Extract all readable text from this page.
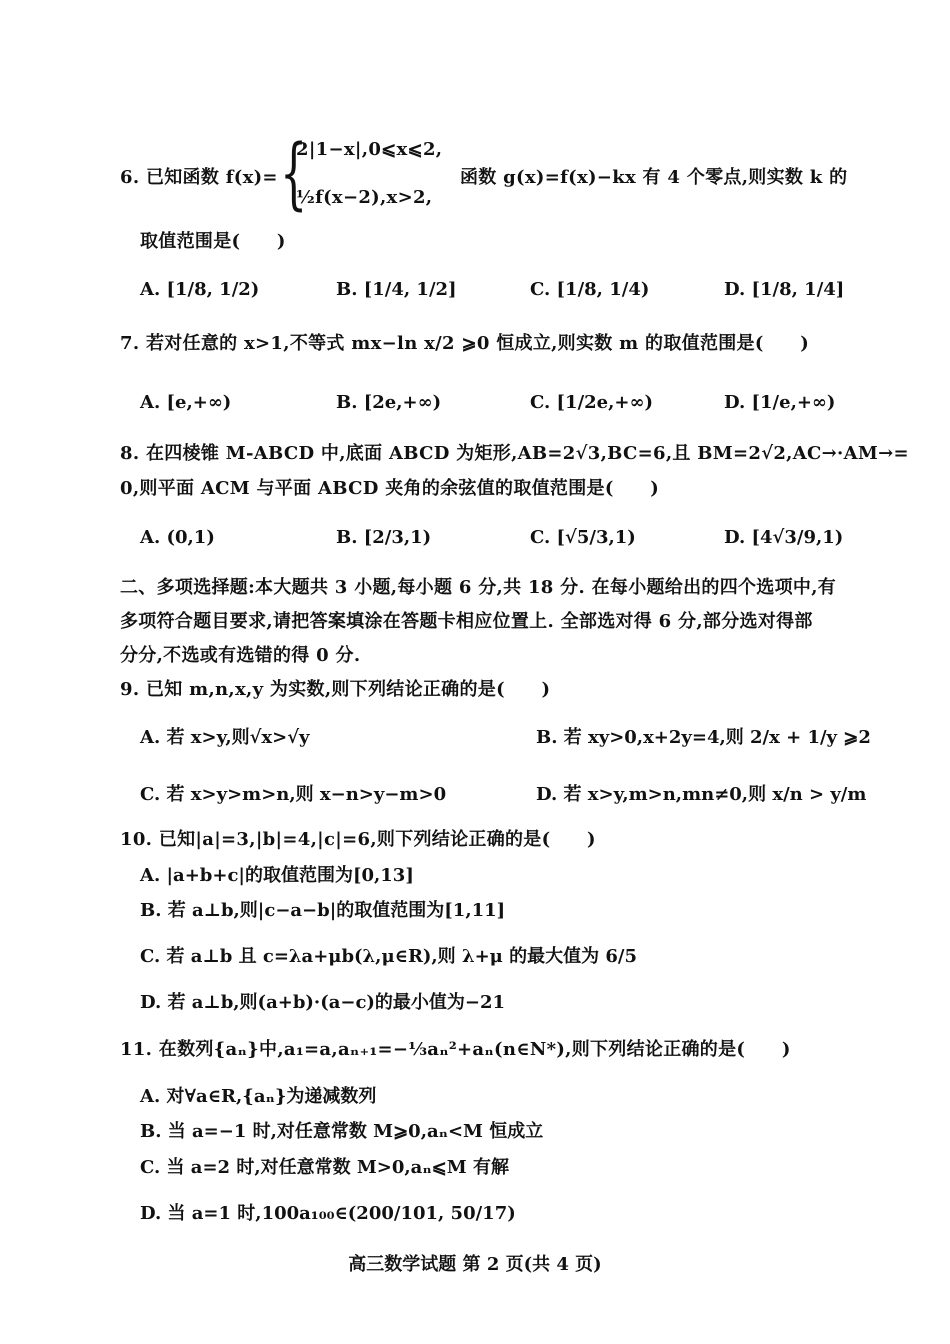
6. 已知函数 f(x)= {
2|1−x|,0⩽x⩽2,
½f(x−2),x>2,
函数 g(x)=f(x)−kx 有 4 个零点,则实数 k 的
取值范围是(　　)
A. [1/8, 1/2)	B. [1/4, 1/2]	C. [1/8, 1/4)	D. [1/8, 1/4]
7. 若对任意的 x>1,不等式 mx−ln x/2 ⩾0 恒成立,则实数 m 的取值范围是(　　)
A. [e,+∞)	B. [2e,+∞)	C. [1/2e,+∞)	D. [1/e,+∞)
8. 在四棱锥 M-ABCD 中,底面 ABCD 为矩形,AB=2√3,BC=6,且 BM=2√2,AC→·AM→=
0,则平面 ACM 与平面 ABCD 夹角的余弦值的取值范围是(　　)
A. (0,1)	B. [2/3,1)	C. [√5/3,1)	D. [4√3/9,1)
二、多项选择题:本大题共 3 小题,每小题 6 分,共 18 分. 在每小题给出的四个选项中,有
多项符合题目要求,请把答案填涂在答题卡相应位置上. 全部选对得 6 分,部分选对得部
分分,不选或有选错的得 0 分.
9. 已知 m,n,x,y 为实数,则下列结论正确的是(　　)
A. 若 x>y,则√x>√y	B. 若 xy>0,x+2y=4,则 2/x + 1/y ⩾2
C. 若 x>y>m>n,则 x−n>y−m>0	D. 若 x>y,m>n,mn≠0,则 x/n > y/m
10. 已知|a|=3,|b|=4,|c|=6,则下列结论正确的是(　　)
A. |a+b+c|的取值范围为[0,13]
B. 若 a⊥b,则|c−a−b|的取值范围为[1,11]
C. 若 a⊥b 且 c=λa+μb(λ,μ∈R),则 λ+μ 的最大值为 6/5
D. 若 a⊥b,则(a+b)·(a−c)的最小值为−21
11. 在数列{aₙ}中,a₁=a,aₙ₊₁=−⅓aₙ²+aₙ(n∈N*),则下列结论正确的是(　　)
A. 对∀a∈R,{aₙ}为递减数列
B. 当 a=−1 时,对任意常数 M⩾0,aₙ<M 恒成立
C. 当 a=2 时,对任意常数 M>0,aₙ⩽M 有解
D. 当 a=1 时,100a₁₀₀∈(200/101, 50/17)
高三数学试题 第 2 页(共 4 页)
